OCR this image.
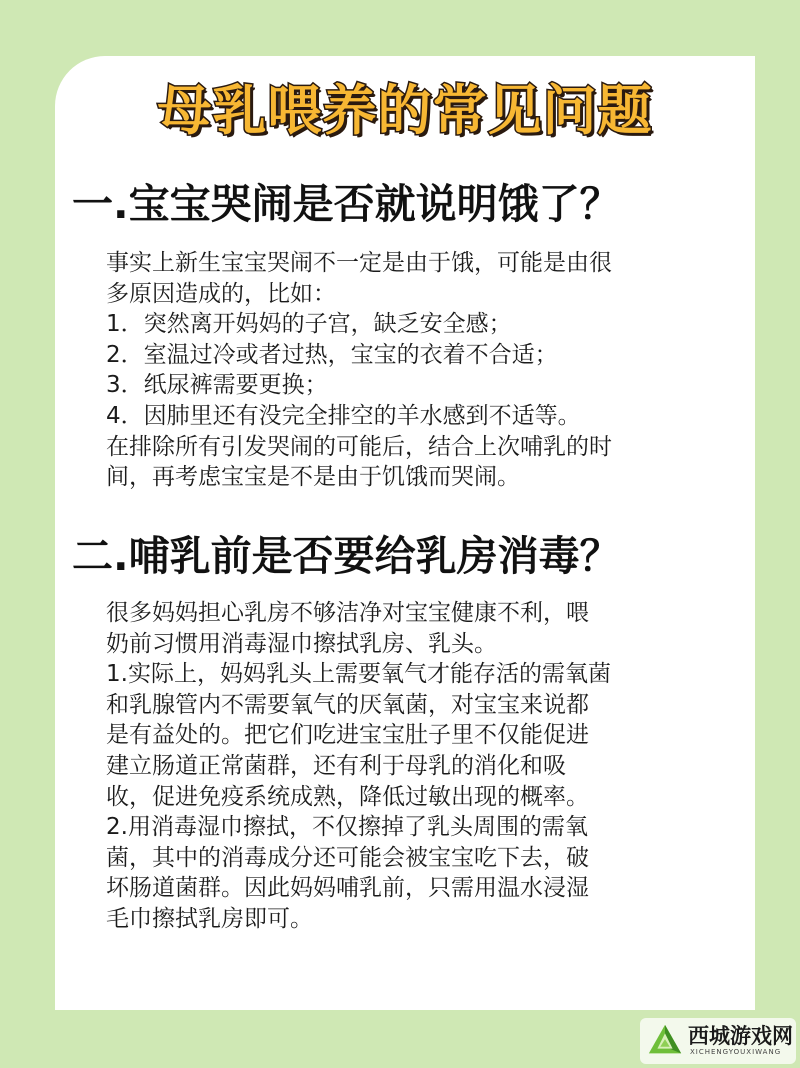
母乳喂养的常见问题
一.宝宝哭闹是否就说明饿了？
事实上新生宝宝哭闹不一定是由于饿，可能是由很
多原因造成的，比如：
1．突然离开妈妈的子宫，缺乏安全感；
2．室温过冷或者过热，宝宝的衣着不合适；
3．纸尿裤需要更换；
4．因肺里还有没完全排空的羊水感到不适等。
在排除所有引发哭闹的可能后，结合上次哺乳的时
间，再考虑宝宝是不是由于饥饿而哭闹。
二.哺乳前是否要给乳房消毒？
很多妈妈担心乳房不够洁净对宝宝健康不利，喂
奶前习惯用消毒湿巾擦拭乳房、乳头。
1.实际上，妈妈乳头上需要氧气才能存活的需氧菌
和乳腺管内不需要氧气的厌氧菌，对宝宝来说都
是有益处的。把它们吃进宝宝肚子里不仅能促进
建立肠道正常菌群，还有利于母乳的消化和吸
收，促进免疫系统成熟，降低过敏出现的概率。
2.用消毒湿巾擦拭，不仅擦掉了乳头周围的需氧
菌，其中的消毒成分还可能会被宝宝吃下去，破
坏肠道菌群。因此妈妈哺乳前，只需用温水浸湿
毛巾擦拭乳房即可。
西城游戏网
XICHENGYOUXIWANG
